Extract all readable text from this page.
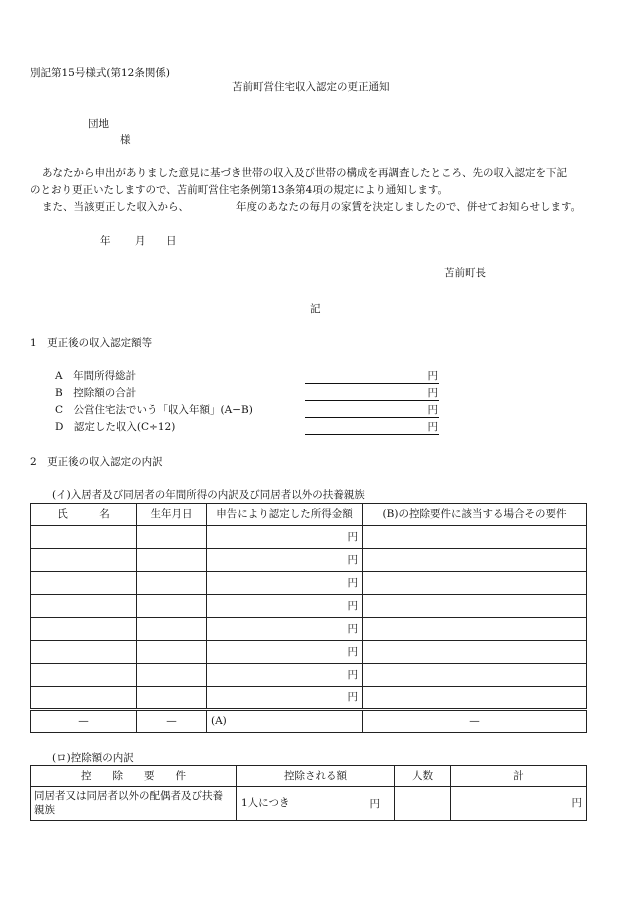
別記第15号様式(第12条関係)
苫前町営住宅収入認定の更正通知
団地
様
あなたから申出がありました意見に基づき世帯の収入及び世帯の構成を再調査したところ、先の収入認定を下記
のとおり更正いたしますので、苫前町営住宅条例第13条第4項の規定により通知します。
また、当該更正した収入から、	年度のあなたの毎月の家賃を決定しましたので、併せてお知らせします。
年 月 日
苫前町長
記
1　更正後の収入認定額等
A　年間所得総計	円
B　控除額の合計	円
C　公営住宅法でいう「収入年額」(A−B)	円
D　認定した収入(C÷12)	円
2　更正後の収入認定の内訳
(イ)入居者及び同居者の年間所得の内訳及び同居者以外の扶養親族
氏　　　名	生年月日	申告により認定した所得金額	(B)の控除要件に該当する場合その要件
		円	
		円	
		円	
		円	
		円	
		円	
		円	
		円	
—	—	(A)	—
(ロ)控除額の内訳
控　　除　　要　　件	控除される額	人数	計
同居者又は同居者以外の配偶者及び扶養親族	1人につき 円		円
